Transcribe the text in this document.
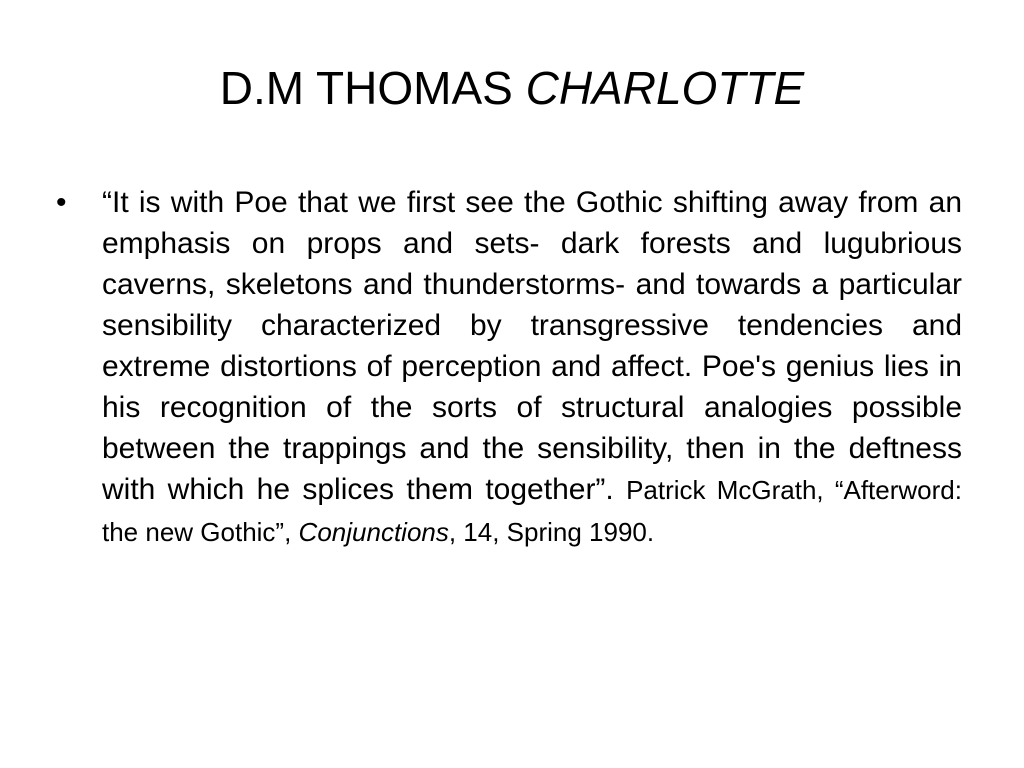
D.M THOMAS CHARLOTTE
•	“It is with Poe that we first see the Gothic shifting away from an emphasis on props and sets- dark forests and lugubrious caverns, skeletons and thunderstorms- and towards a particular sensibility characterized by transgressive tendencies and extreme distortions of perception and affect. Poe's genius lies in his recognition of the sorts of structural analogies possible between the trappings and the sensibility, then in the deftness with which he splices them together”. Patrick McGrath, “Afterword: the new Gothic”, Conjunctions, 14, Spring 1990.
